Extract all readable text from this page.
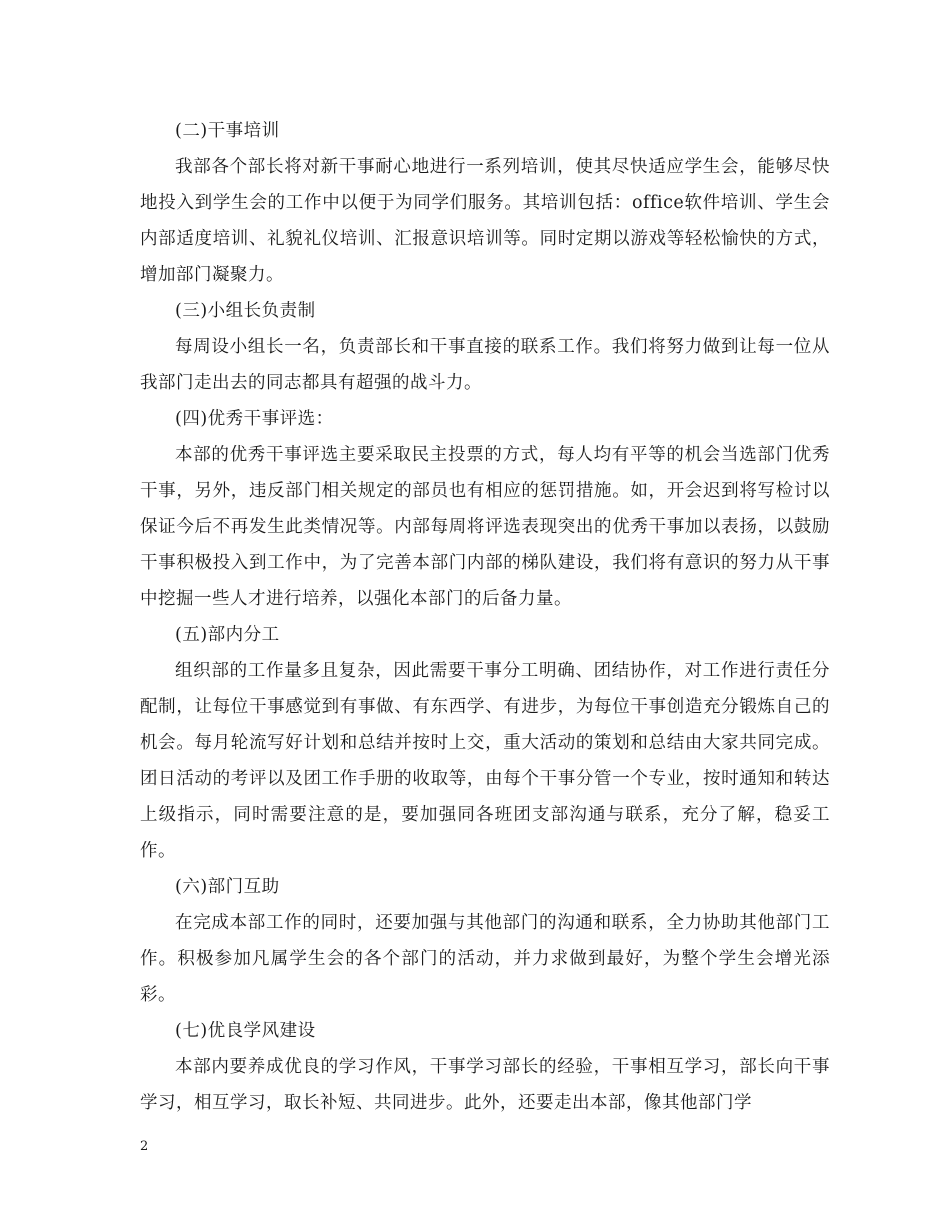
(二)干事培训

我部各个部长将对新干事耐心地进行一系列培训，使其尽快适应学生会，能够尽快地投入到学生会的工作中以便于为同学们服务。其培训包括：office软件培训、学生会内部适度培训、礼貌礼仪培训、汇报意识培训等。同时定期以游戏等轻松愉快的方式，增加部门凝聚力。

(三)小组长负责制

每周设小组长一名，负责部长和干事直接的联系工作。我们将努力做到让每一位从我部门走出去的同志都具有超强的战斗力。

(四)优秀干事评选：

本部的优秀干事评选主要采取民主投票的方式，每人均有平等的机会当选部门优秀干事，另外，违反部门相关规定的部员也有相应的惩罚措施。如，开会迟到将写检讨以保证今后不再发生此类情况等。内部每周将评选表现突出的优秀干事加以表扬，以鼓励干事积极投入到工作中，为了完善本部门内部的梯队建设，我们将有意识的努力从干事中挖掘一些人才进行培养，以强化本部门的后备力量。

(五)部内分工

组织部的工作量多且复杂，因此需要干事分工明确、团结协作，对工作进行责任分配制，让每位干事感觉到有事做、有东西学、有进步，为每位干事创造充分锻炼自己的机会。每月轮流写好计划和总结并按时上交，重大活动的策划和总结由大家共同完成。团日活动的考评以及团工作手册的收取等，由每个干事分管一个专业，按时通知和转达上级指示，同时需要注意的是，要加强同各班团支部沟通与联系，充分了解，稳妥工作。

(六)部门互助

在完成本部工作的同时，还要加强与其他部门的沟通和联系，全力协助其他部门工作。积极参加凡属学生会的各个部门的活动，并力求做到最好，为整个学生会增光添彩。

(七)优良学风建设

本部内要养成优良的学习作风，干事学习部长的经验，干事相互学习，部长向干事学习，相互学习，取长补短、共同进步。此外，还要走出本部，像其他部门学

2
